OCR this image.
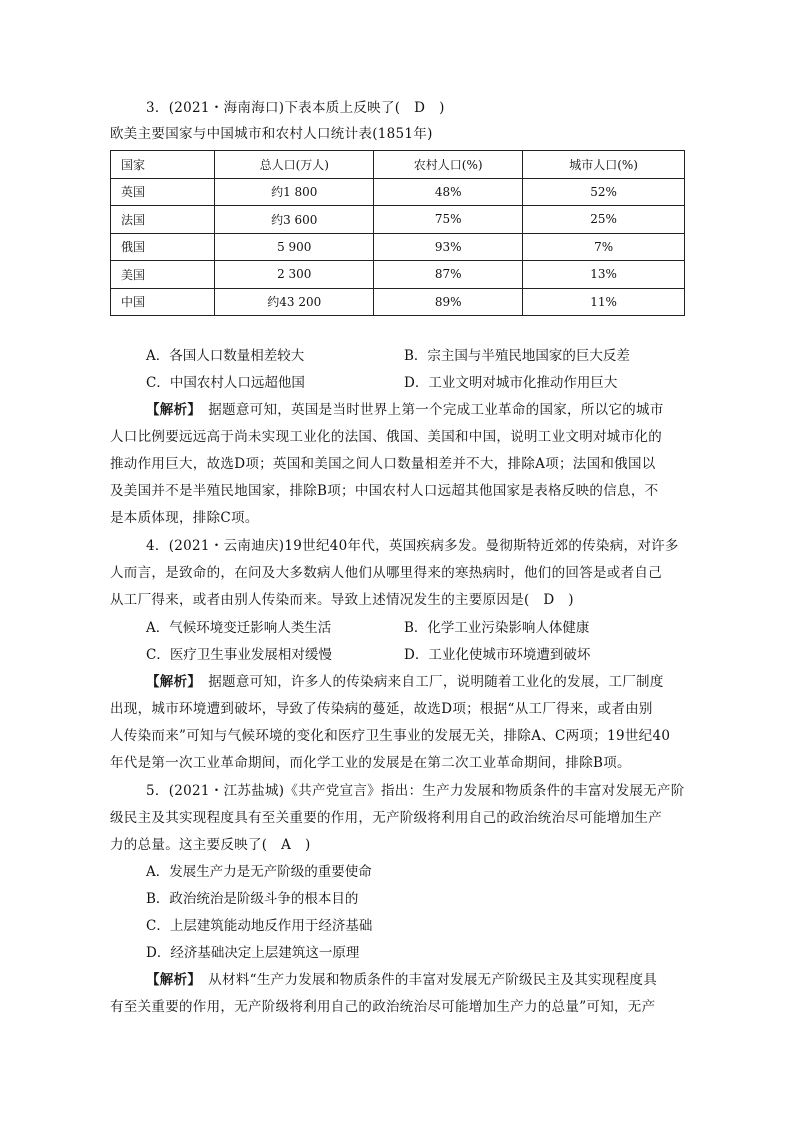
3．(2021・海南海口)下表本质上反映了(　D　)
欧美主要国家与中国城市和农村人口统计表(1851年)
国家	总人口(万人)	农村人口(%)	城市人口(%)
英国	约1 800	48%	52%
法国	约3 600	75%	25%
俄国	5 900	93%	7%
美国	2 300	87%	13%
中国	约43 200	89%	11%
A．各国人口数量相差较大	B．宗主国与半殖民地国家的巨大反差
C．中国农村人口远超他国	D．工业文明对城市化推动作用巨大
【解析】　据题意可知，英国是当时世界上第一个完成工业革命的国家，所以它的城市
人口比例要远远高于尚未实现工业化的法国、俄国、美国和中国，说明工业文明对城市化的
推动作用巨大，故选D项；英国和美国之间人口数量相差并不大，排除A项；法国和俄国以
及美国并不是半殖民地国家，排除B项；中国农村人口远超其他国家是表格反映的信息，不
是本质体现，排除C项。
4．(2021・云南迪庆)19世纪40年代，英国疾病多发。曼彻斯特近郊的传染病，对许多
人而言，是致命的，在问及大多数病人他们从哪里得来的寒热病时，他们的回答是或者自己
从工厂得来，或者由别人传染而来。导致上述情况发生的主要原因是(　D　)
A．气候环境变迁影响人类生活	B．化学工业污染影响人体健康
C．医疗卫生事业发展相对缓慢	D．工业化使城市环境遭到破坏
【解析】　据题意可知，许多人的传染病来自工厂，说明随着工业化的发展，工厂制度
出现，城市环境遭到破坏，导致了传染病的蔓延，故选D项；根据“从工厂得来，或者由别
人传染而来”可知与气候环境的变化和医疗卫生事业的发展无关，排除A、C两项；19世纪40
年代是第一次工业革命期间，而化学工业的发展是在第二次工业革命期间，排除B项。
5．(2021・江苏盐城)《共产党宣言》指出：生产力发展和物质条件的丰富对发展无产阶
级民主及其实现程度具有至关重要的作用，无产阶级将利用自己的政治统治尽可能增加生产
力的总量。这主要反映了(　A　)
A．发展生产力是无产阶级的重要使命
B．政治统治是阶级斗争的根本目的
C．上层建筑能动地反作用于经济基础
D．经济基础决定上层建筑这一原理
【解析】　从材料“生产力发展和物质条件的丰富对发展无产阶级民主及其实现程度具
有至关重要的作用，无产阶级将利用自己的政治统治尽可能增加生产力的总量”可知，无产
